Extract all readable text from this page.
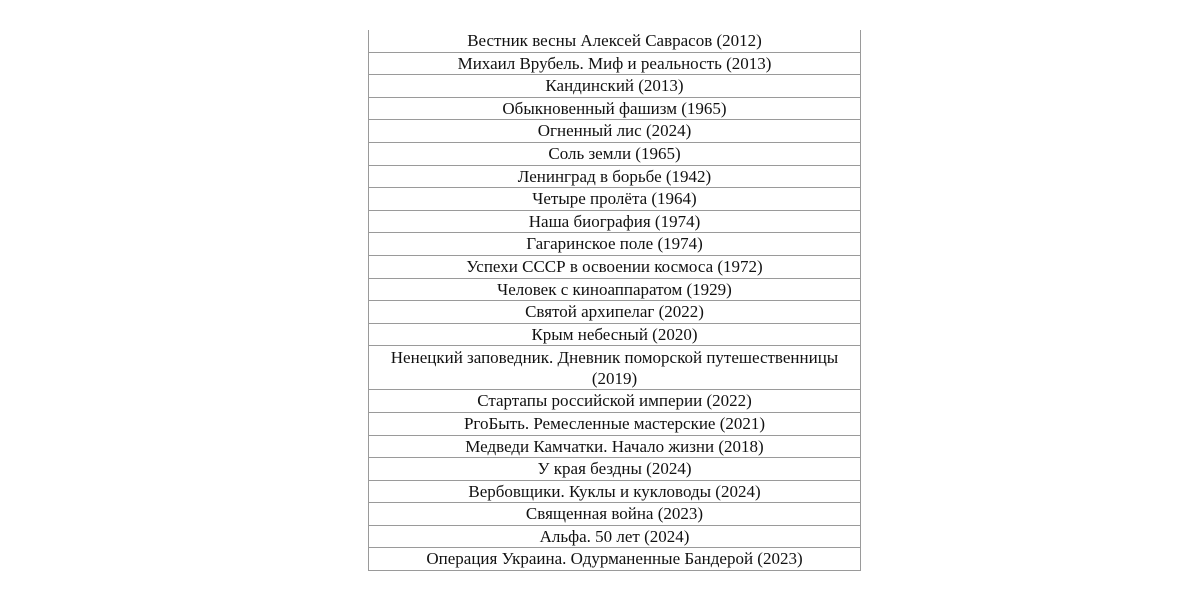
Вестник весны Алексей Саврасов (2012)
Михаил Врубель. Миф и реальность (2013)
Кандинский (2013)
Обыкновенный фашизм (1965)
Огненный лис (2024)
Соль земли (1965)
Ленинград в борьбе (1942)
Четыре пролёта (1964)
Наша биография (1974)
Гагаринское поле (1974)
Успехи СССР в освоении космоса (1972)
Человек с киноаппаратом (1929)
Святой архипелаг (2022)
Крым небесный (2020)
Ненецкий заповедник. Дневник поморской путешественницы (2019)
Стартапы российской империи (2022)
PгоБыть. Ремесленные мастерские (2021)
Медведи Камчатки. Начало жизни (2018)
У края бездны (2024)
Вербовщики. Куклы и кукловоды (2024)
Священная война (2023)
Альфа. 50 лет (2024)
Операция Украина. Одурманенные Бандерой (2023)
